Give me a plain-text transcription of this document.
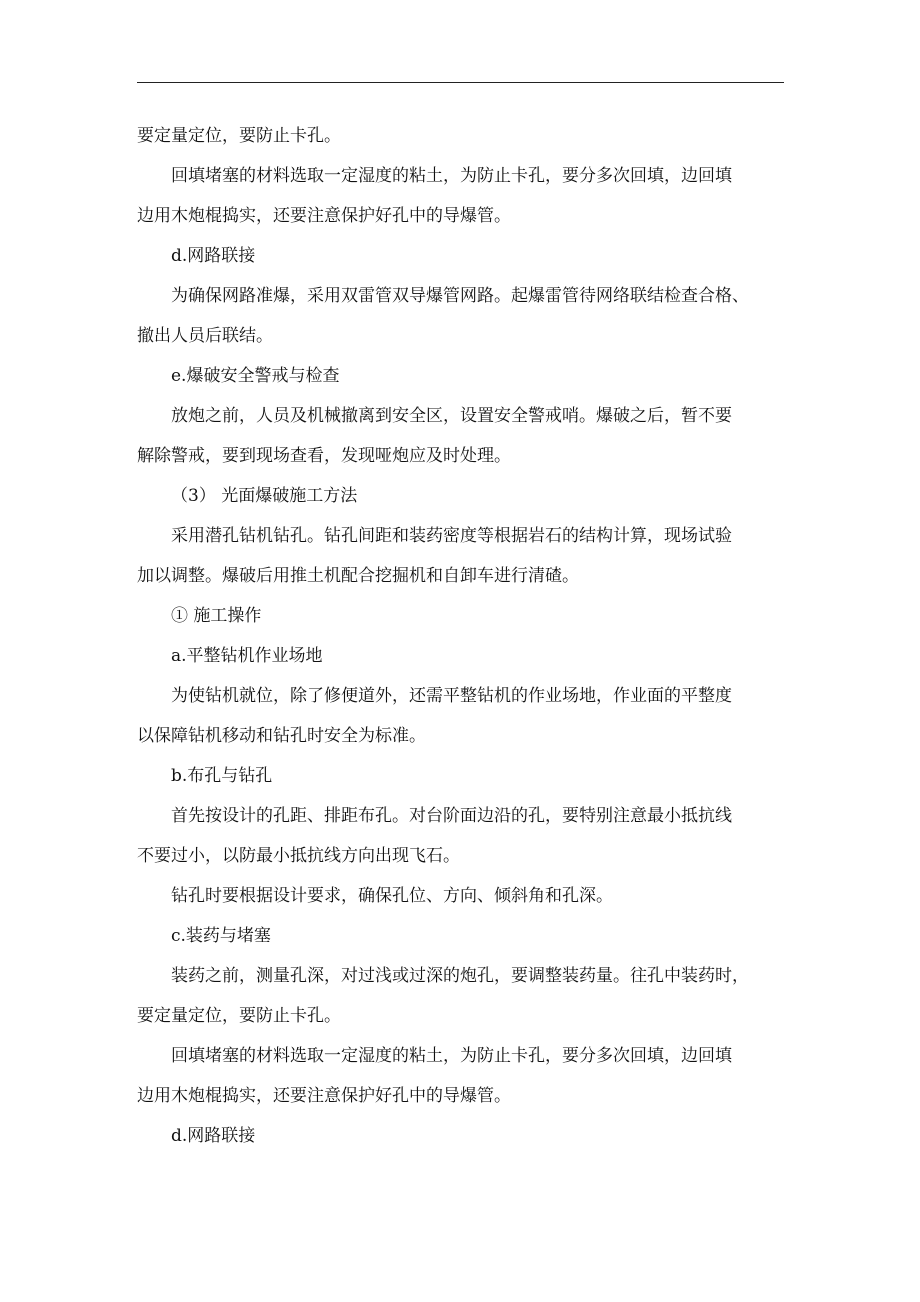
要定量定位，要防止卡孔。
回填堵塞的材料选取一定湿度的粘土，为防止卡孔，要分多次回填，边回填
边用木炮棍捣实，还要注意保护好孔中的导爆管。
d.网路联接
为确保网路准爆，采用双雷管双导爆管网路。起爆雷管待网络联结检查合格、
撤出人员后联结。
e.爆破安全警戒与检查
放炮之前，人员及机械撤离到安全区，设置安全警戒哨。爆破之后，暂不要
解除警戒，要到现场查看，发现哑炮应及时处理。
（3） 光面爆破施工方法
采用潜孔钻机钻孔。钻孔间距和装药密度等根据岩石的结构计算，现场试验
加以调整。爆破后用推土机配合挖掘机和自卸车进行清碴。
① 施工操作
a.平整钻机作业场地
为使钻机就位，除了修便道外，还需平整钻机的作业场地，作业面的平整度
以保障钻机移动和钻孔时安全为标准。
b.布孔与钻孔
首先按设计的孔距、排距布孔。对台阶面边沿的孔，要特别注意最小抵抗线
不要过小，以防最小抵抗线方向出现飞石。
钻孔时要根据设计要求，确保孔位、方向、倾斜角和孔深。
c.装药与堵塞
装药之前，测量孔深，对过浅或过深的炮孔，要调整装药量。往孔中装药时，
要定量定位，要防止卡孔。
回填堵塞的材料选取一定湿度的粘土，为防止卡孔，要分多次回填，边回填
边用木炮棍捣实，还要注意保护好孔中的导爆管。
d.网路联接
